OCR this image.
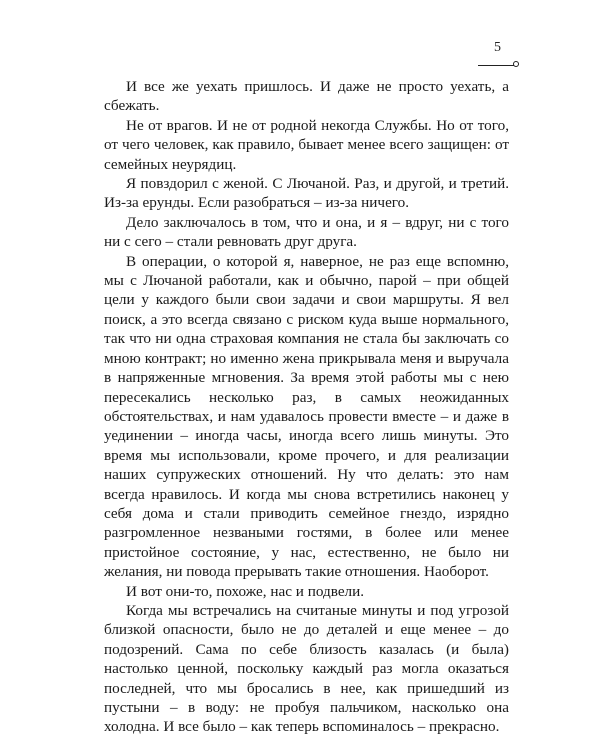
5

И все же уехать пришлось. И даже не просто уехать, а сбежать.

Не от врагов. И не от родной некогда Службы. Но от того, от чего человек, как правило, бывает менее всего защищен: от семейных неурядиц.

Я повздорил с женой. С Лючаной. Раз, и другой, и третий. Из-за ерунды. Если разобраться – из-за ничего.

Дело заключалось в том, что и она, и я – вдруг, ни с того ни с сего – стали ревновать друг друга.

В операции, о которой я, наверное, не раз еще вспомню, мы с Лючаной работали, как и обычно, парой – при общей цели у каждого были свои задачи и свои маршруты. Я вел поиск, а это всегда связано с риском куда выше нормального, так что ни одна страховая компания не стала бы заключать со мною контракт; но именно жена прикрывала меня и выручала в напряженные мгновения. За время этой работы мы с нею пересекались несколько раз, в самых неожиданных обстоятельствах, и нам удавалось провести вместе – и даже в уединении – иногда часы, иногда всего лишь минуты. Это время мы использовали, кроме прочего, и для реализации наших супружеских отношений. Ну что делать: это нам всегда нравилось. И когда мы снова встретились наконец у себя дома и стали приводить семейное гнездо, изрядно разгромленное незваными гостями, в более или менее пристойное состояние, у нас, естественно, не было ни желания, ни повода прерывать такие отношения. Наоборот.

И вот они-то, похоже, нас и подвели.

Когда мы встречались на считаные минуты и под угрозой близкой опасности, было не до деталей и еще менее – до подозрений. Сама по себе близость казалась (и была) настолько ценной, поскольку каждый раз могла оказаться последней, что мы бросались в нее, как пришедший из пустыни – в воду: не пробуя пальчиком, насколько она холодна. И все было – как теперь вспоминалось – прекрасно.
